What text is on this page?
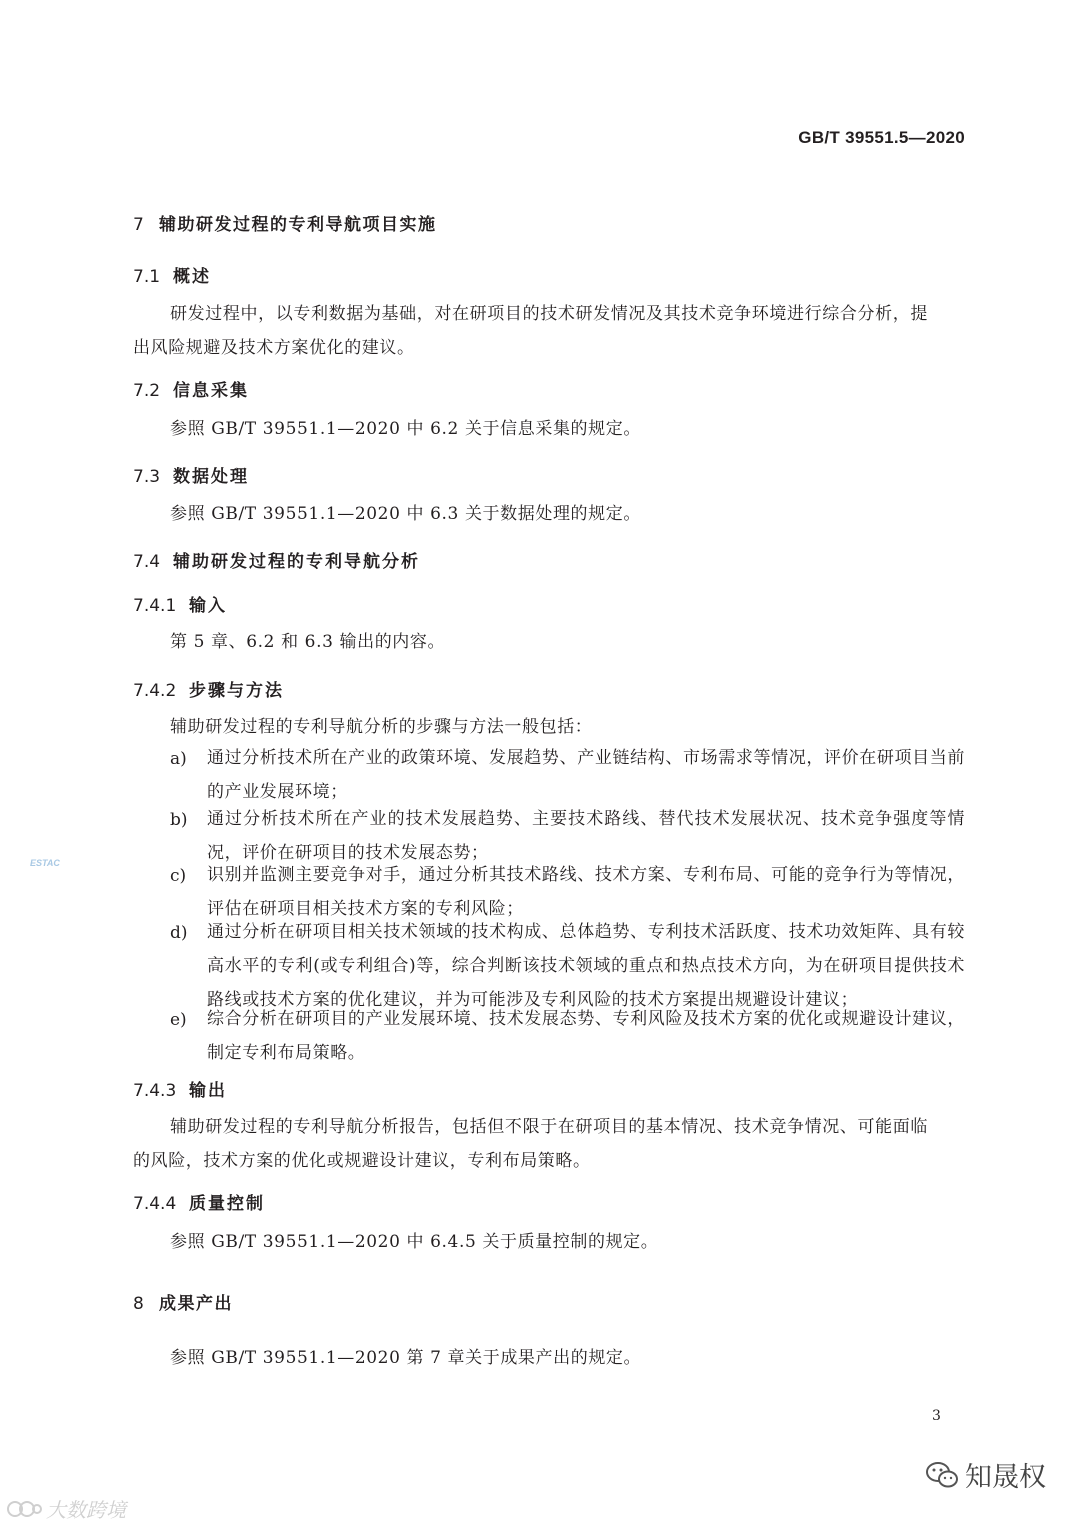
GB/T 39551.5—2020
7 辅助研发过程的专利导航项目实施
7.1 概述
研发过程中，以专利数据为基础，对在研项目的技术研发情况及其技术竞争环境进行综合分析，提出风险规避及技术方案优化的建议。
7.2 信息采集
参照 GB/T 39551.1—2020 中 6.2 关于信息采集的规定。
7.3 数据处理
参照 GB/T 39551.1—2020 中 6.3 关于数据处理的规定。
7.4 辅助研发过程的专利导航分析
7.4.1 输入
第 5 章、6.2 和 6.3 输出的内容。
7.4.2 步骤与方法
辅助研发过程的专利导航分析的步骤与方法一般包括：
a) 通过分析技术所在产业的政策环境、发展趋势、产业链结构、市场需求等情况，评价在研项目当前的产业发展环境；
b) 通过分析技术所在产业的技术发展趋势、主要技术路线、替代技术发展状况、技术竞争强度等情况，评价在研项目的技术发展态势；
c) 识别并监测主要竞争对手，通过分析其技术路线、技术方案、专利布局、可能的竞争行为等情况，评估在研项目相关技术方案的专利风险；
d) 通过分析在研项目相关技术领域的技术构成、总体趋势、专利技术活跃度、技术功效矩阵、具有较高水平的专利(或专利组合)等，综合判断该技术领域的重点和热点技术方向，为在研项目提供技术路线或技术方案的优化建议，并为可能涉及专利风险的技术方案提出规避设计建议；
e) 综合分析在研项目的产业发展环境、技术发展态势、专利风险及技术方案的优化或规避设计建议，制定专利布局策略。
7.4.3 输出
辅助研发过程的专利导航分析报告，包括但不限于在研项目的基本情况、技术竞争情况、可能面临的风险，技术方案的优化或规避设计建议，专利布局策略。
7.4.4 质量控制
参照 GB/T 39551.1—2020 中 6.4.5 关于质量控制的规定。
8 成果产出
参照 GB/T 39551.1—2020 第 7 章关于成果产出的规定。
3
ESTAC
知晟权
大数跨境
